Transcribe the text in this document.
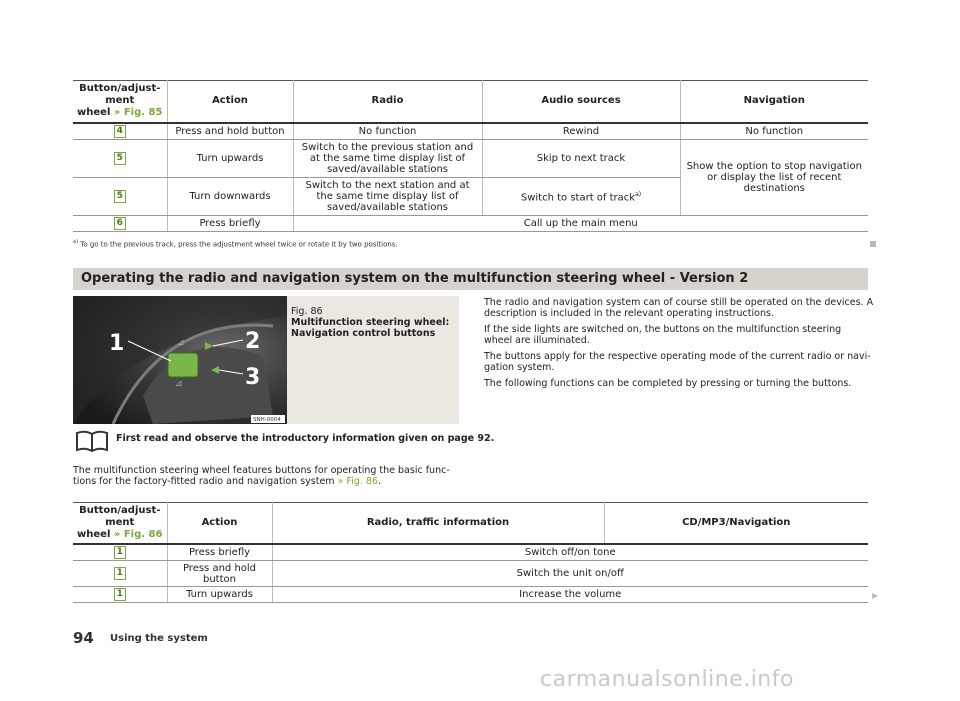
Button/adjust-
ment
wheel » Fig. 85	Action	Radio	Audio sources	Navigation
4	Press and hold button	No function	Rewind	No function
5	Turn upwards	Switch to the previous station and at the same time display list of saved/available stations	Skip to next track	Show the option to stop navigation or display the list of recent destinations
5	Turn downwards	Switch to the next station and at the same time display list of saved/available stations	Switch to start of track$^{a)}$
6	Press briefly	Call up the main menu		
$^{a)}$ To go to the previous track, press the adjustment wheel twice or rotate it by two positions.
Operating the radio and navigation system on the multifunction steering wheel - Version 2
⊿
⊿
1	2
3
SNH-0004
Fig. 86
Multifunction steering wheel:
Navigation control buttons
First read and observe the introductory information given on page 92.
The multifunction steering wheel features buttons for operating the basic func-
tions for the factory-fitted radio and navigation system » Fig. 86.
The radio and navigation system can of course still be operated on the devices. A
description is included in the relevant operating instructions.
If the side lights are switched on, the buttons on the multifunction steering
wheel are illuminated.
The buttons apply for the respective operating mode of the current radio or navi-
gation system.
The following functions can be completed by pressing or turning the buttons.
Button/adjust-
ment
wheel » Fig. 86	Action	Radio, traffic information	CD/MP3/Navigation
1	Press briefly	Switch off/on tone	
1	Press and hold
button	Switch the unit on/off	
1	Turn upwards	Increase the volume		▶
94 Using the system
carmanualsonline.info
